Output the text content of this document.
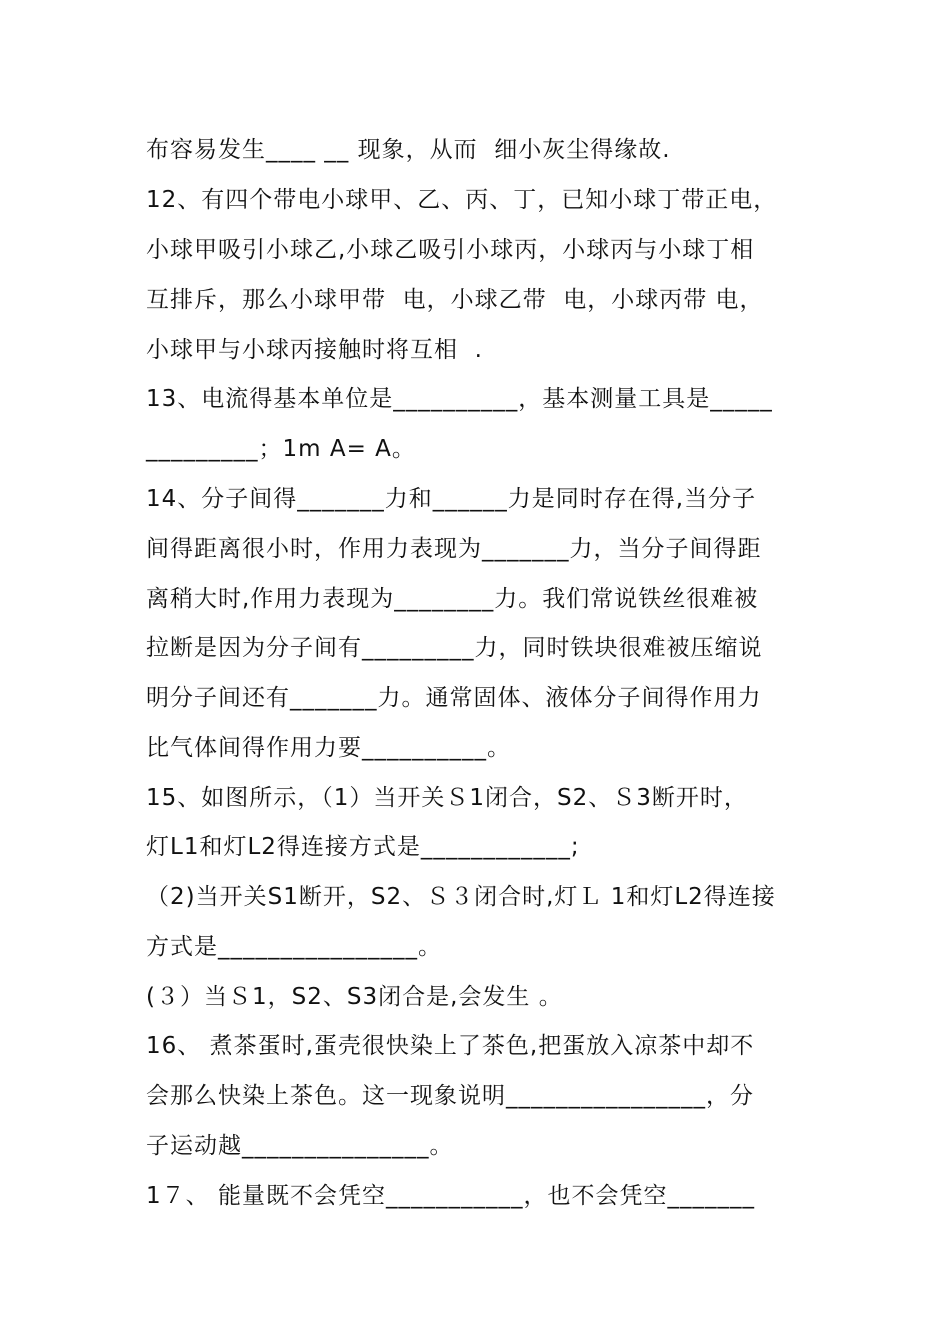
布容易发生____ __ 现象，从而  细小灰尘得缘故.
12、有四个带电小球甲、乙、丙、丁，已知小球丁带正电，
小球甲吸引小球乙,小球乙吸引小球丙，小球丙与小球丁相
互排斥，那么小球甲带  电，小球乙带  电，小球丙带 电，
小球甲与小球丙接触时将互相  .
13、电流得基本单位是__________，基本测量工具是_____
_________；1m A= A。
14、分子间得_______力和______力是同时存在得,当分子
间得距离很小时，作用力表现为_______力，当分子间得距
离稍大时,作用力表现为________力。我们常说铁丝很难被
拉断是因为分子间有_________力，同时铁块很难被压缩说
明分子间还有_______力。通常固体、液体分子间得作用力
比气体间得作用力要__________。
15、如图所示，（1）当开关Ｓ1闭合，S2、Ｓ3断开时，
灯L1和灯L2得连接方式是____________;
（2)当开关S1断开，S2、Ｓ３闭合时,灯Ｌ 1和灯L2得连接
方式是________________。
(３）当Ｓ1，S2、S3闭合是,会发生 。
16、 煮茶蛋时,蛋壳很快染上了茶色,把蛋放入凉茶中却不
会那么快染上茶色。这一现象说明________________，分
子运动越_______________。
1７、 能量既不会凭空___________，也不会凭空_______
